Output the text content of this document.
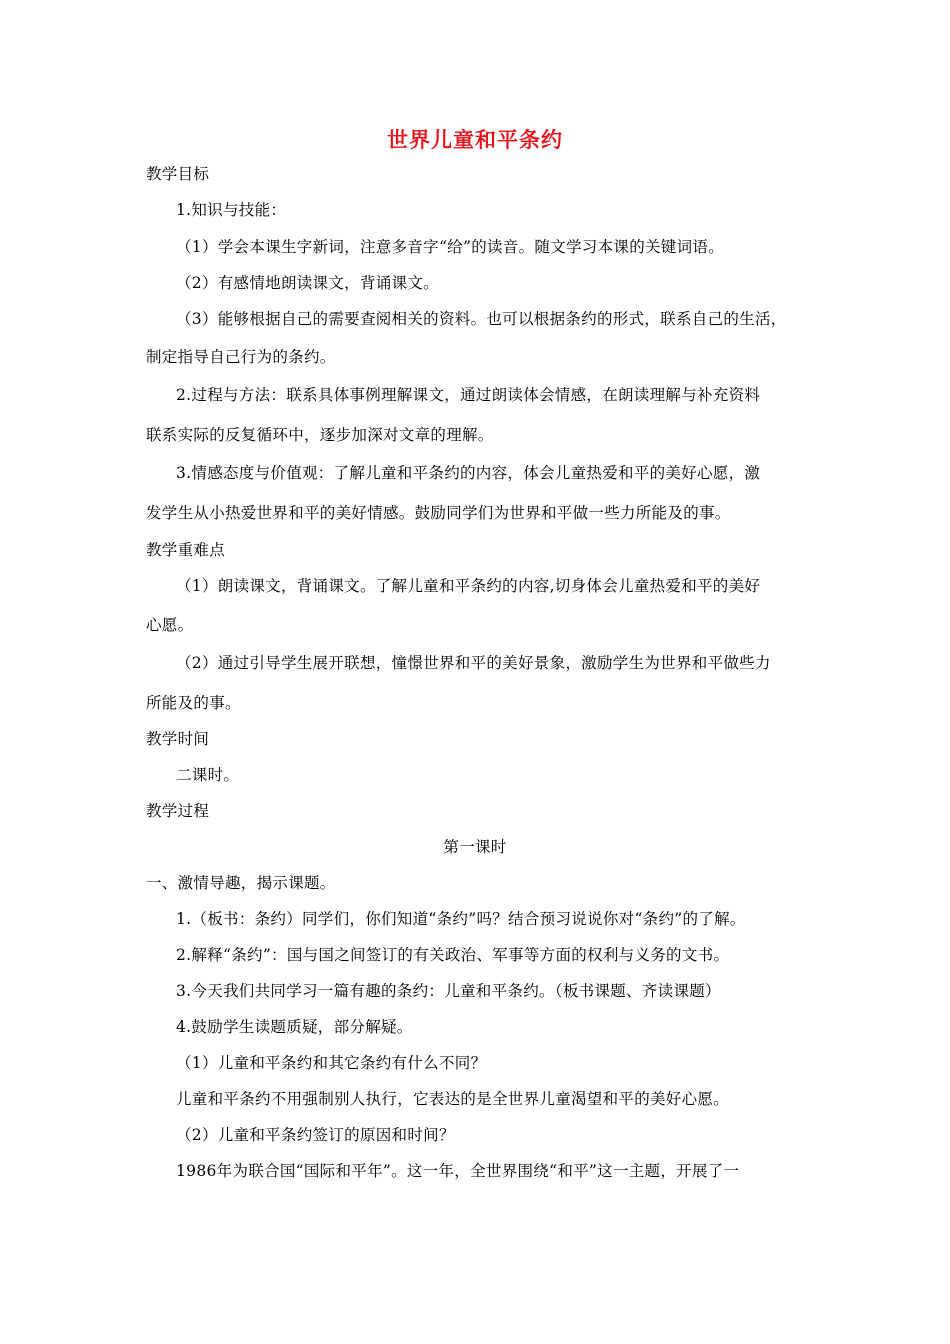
世界儿童和平条约
教学目标
1.知识与技能：
（1）学会本课生字新词，注意多音字“给”的读音。随文学习本课的关键词语。
（2）有感情地朗读课文，背诵课文。
（3）能够根据自己的需要查阅相关的资料。也可以根据条约的形式，联系自己的生活，
制定指导自己行为的条约。
2.过程与方法：联系具体事例理解课文，通过朗读体会情感，在朗读理解与补充资料
联系实际的反复循环中，逐步加深对文章的理解。
3.情感态度与价值观：了解儿童和平条约的内容，体会儿童热爱和平的美好心愿，激
发学生从小热爱世界和平的美好情感。鼓励同学们为世界和平做一些力所能及的事。
教学重难点
（1）朗读课文，背诵课文。了解儿童和平条约的内容,切身体会儿童热爱和平的美好
心愿。
（2）通过引导学生展开联想，憧憬世界和平的美好景象，激励学生为世界和平做些力
所能及的事。
教学时间
二课时。
教学过程
第一课时
一、激情导趣，揭示课题。
1.（板书：条约）同学们，你们知道“条约”吗？结合预习说说你对“条约”的了解。
2.解释“条约”：国与国之间签订的有关政治、军事等方面的权利与义务的文书。
3.今天我们共同学习一篇有趣的条约：儿童和平条约。（板书课题、齐读课题）
4.鼓励学生读题质疑，部分解疑。
（1）儿童和平条约和其它条约有什么不同？
儿童和平条约不用强制别人执行，它表达的是全世界儿童渴望和平的美好心愿。
（2）儿童和平条约签订的原因和时间？
1986年为联合国“国际和平年”。这一年，全世界围绕“和平”这一主题，开展了一
